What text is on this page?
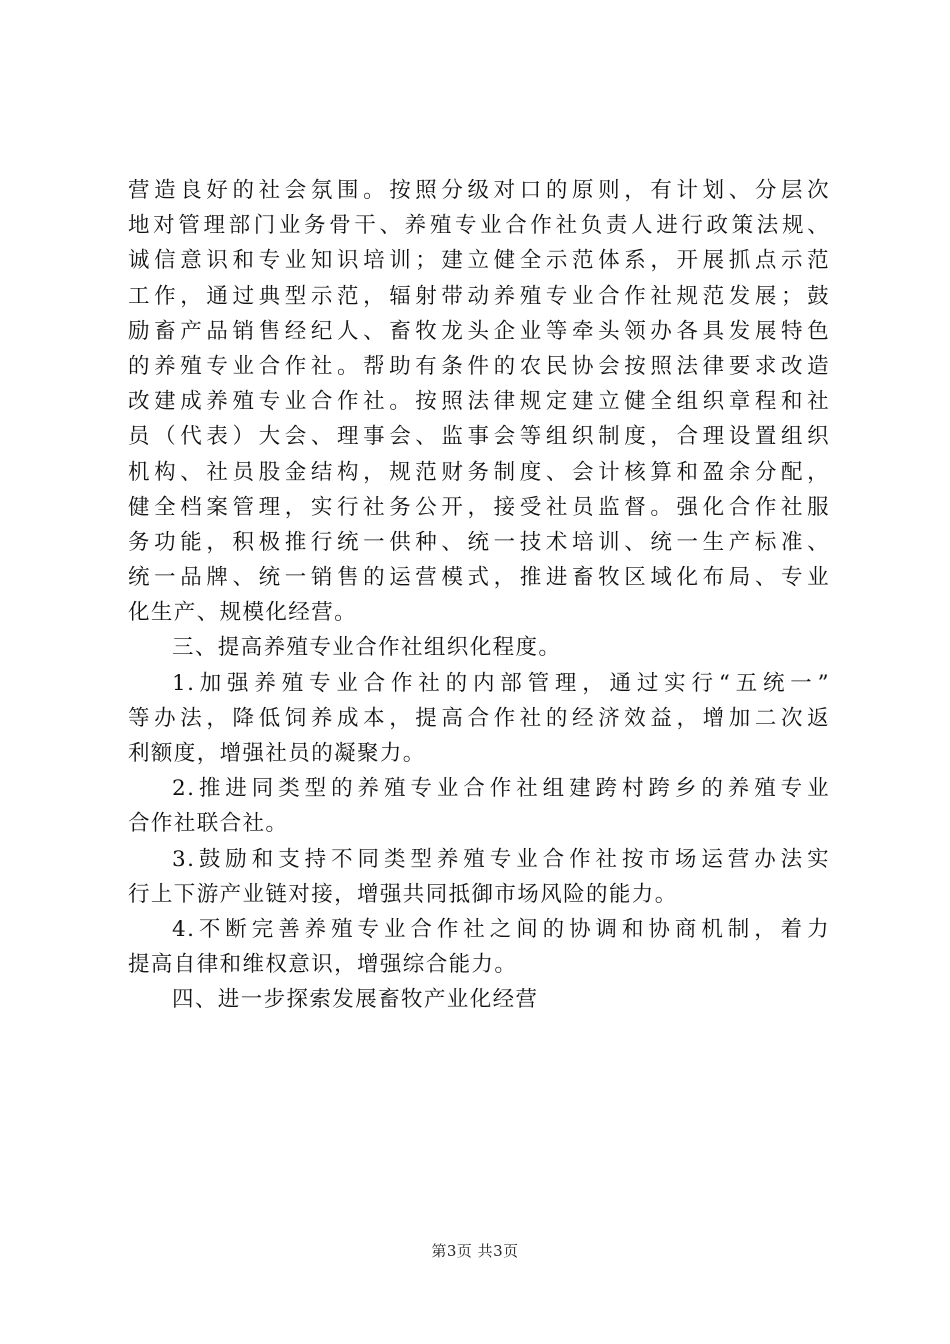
营造良好的社会氛围。按照分级对口的原则，有计划、分层次
地对管理部门业务骨干、养殖专业合作社负责人进行政策法规、
诚信意识和专业知识培训；建立健全示范体系，开展抓点示范
工作，通过典型示范，辐射带动养殖专业合作社规范发展；鼓
励畜产品销售经纪人、畜牧龙头企业等牵头领办各具发展特色
的养殖专业合作社。帮助有条件的农民协会按照法律要求改造
改建成养殖专业合作社。按照法律规定建立健全组织章程和社
员（代表）大会、理事会、监事会等组织制度，合理设置组织
机构、社员股金结构，规范财务制度、会计核算和盈余分配，
健全档案管理，实行社务公开，接受社员监督。强化合作社服
务功能，积极推行统一供种、统一技术培训、统一生产标准、
统一品牌、统一销售的运营模式，推进畜牧区域化布局、专业
化生产、规模化经营。
三、提高养殖专业合作社组织化程度。
1.加强养殖专业合作社的内部管理，通过实行“五统一”
等办法，降低饲养成本，提高合作社的经济效益，增加二次返
利额度，增强社员的凝聚力。
2.推进同类型的养殖专业合作社组建跨村跨乡的养殖专业
合作社联合社。
3.鼓励和支持不同类型养殖专业合作社按市场运营办法实
行上下游产业链对接，增强共同抵御市场风险的能力。
4.不断完善养殖专业合作社之间的协调和协商机制，着力
提高自律和维权意识，增强综合能力。
四、进一步探索发展畜牧产业化经营
第3页 共3页
